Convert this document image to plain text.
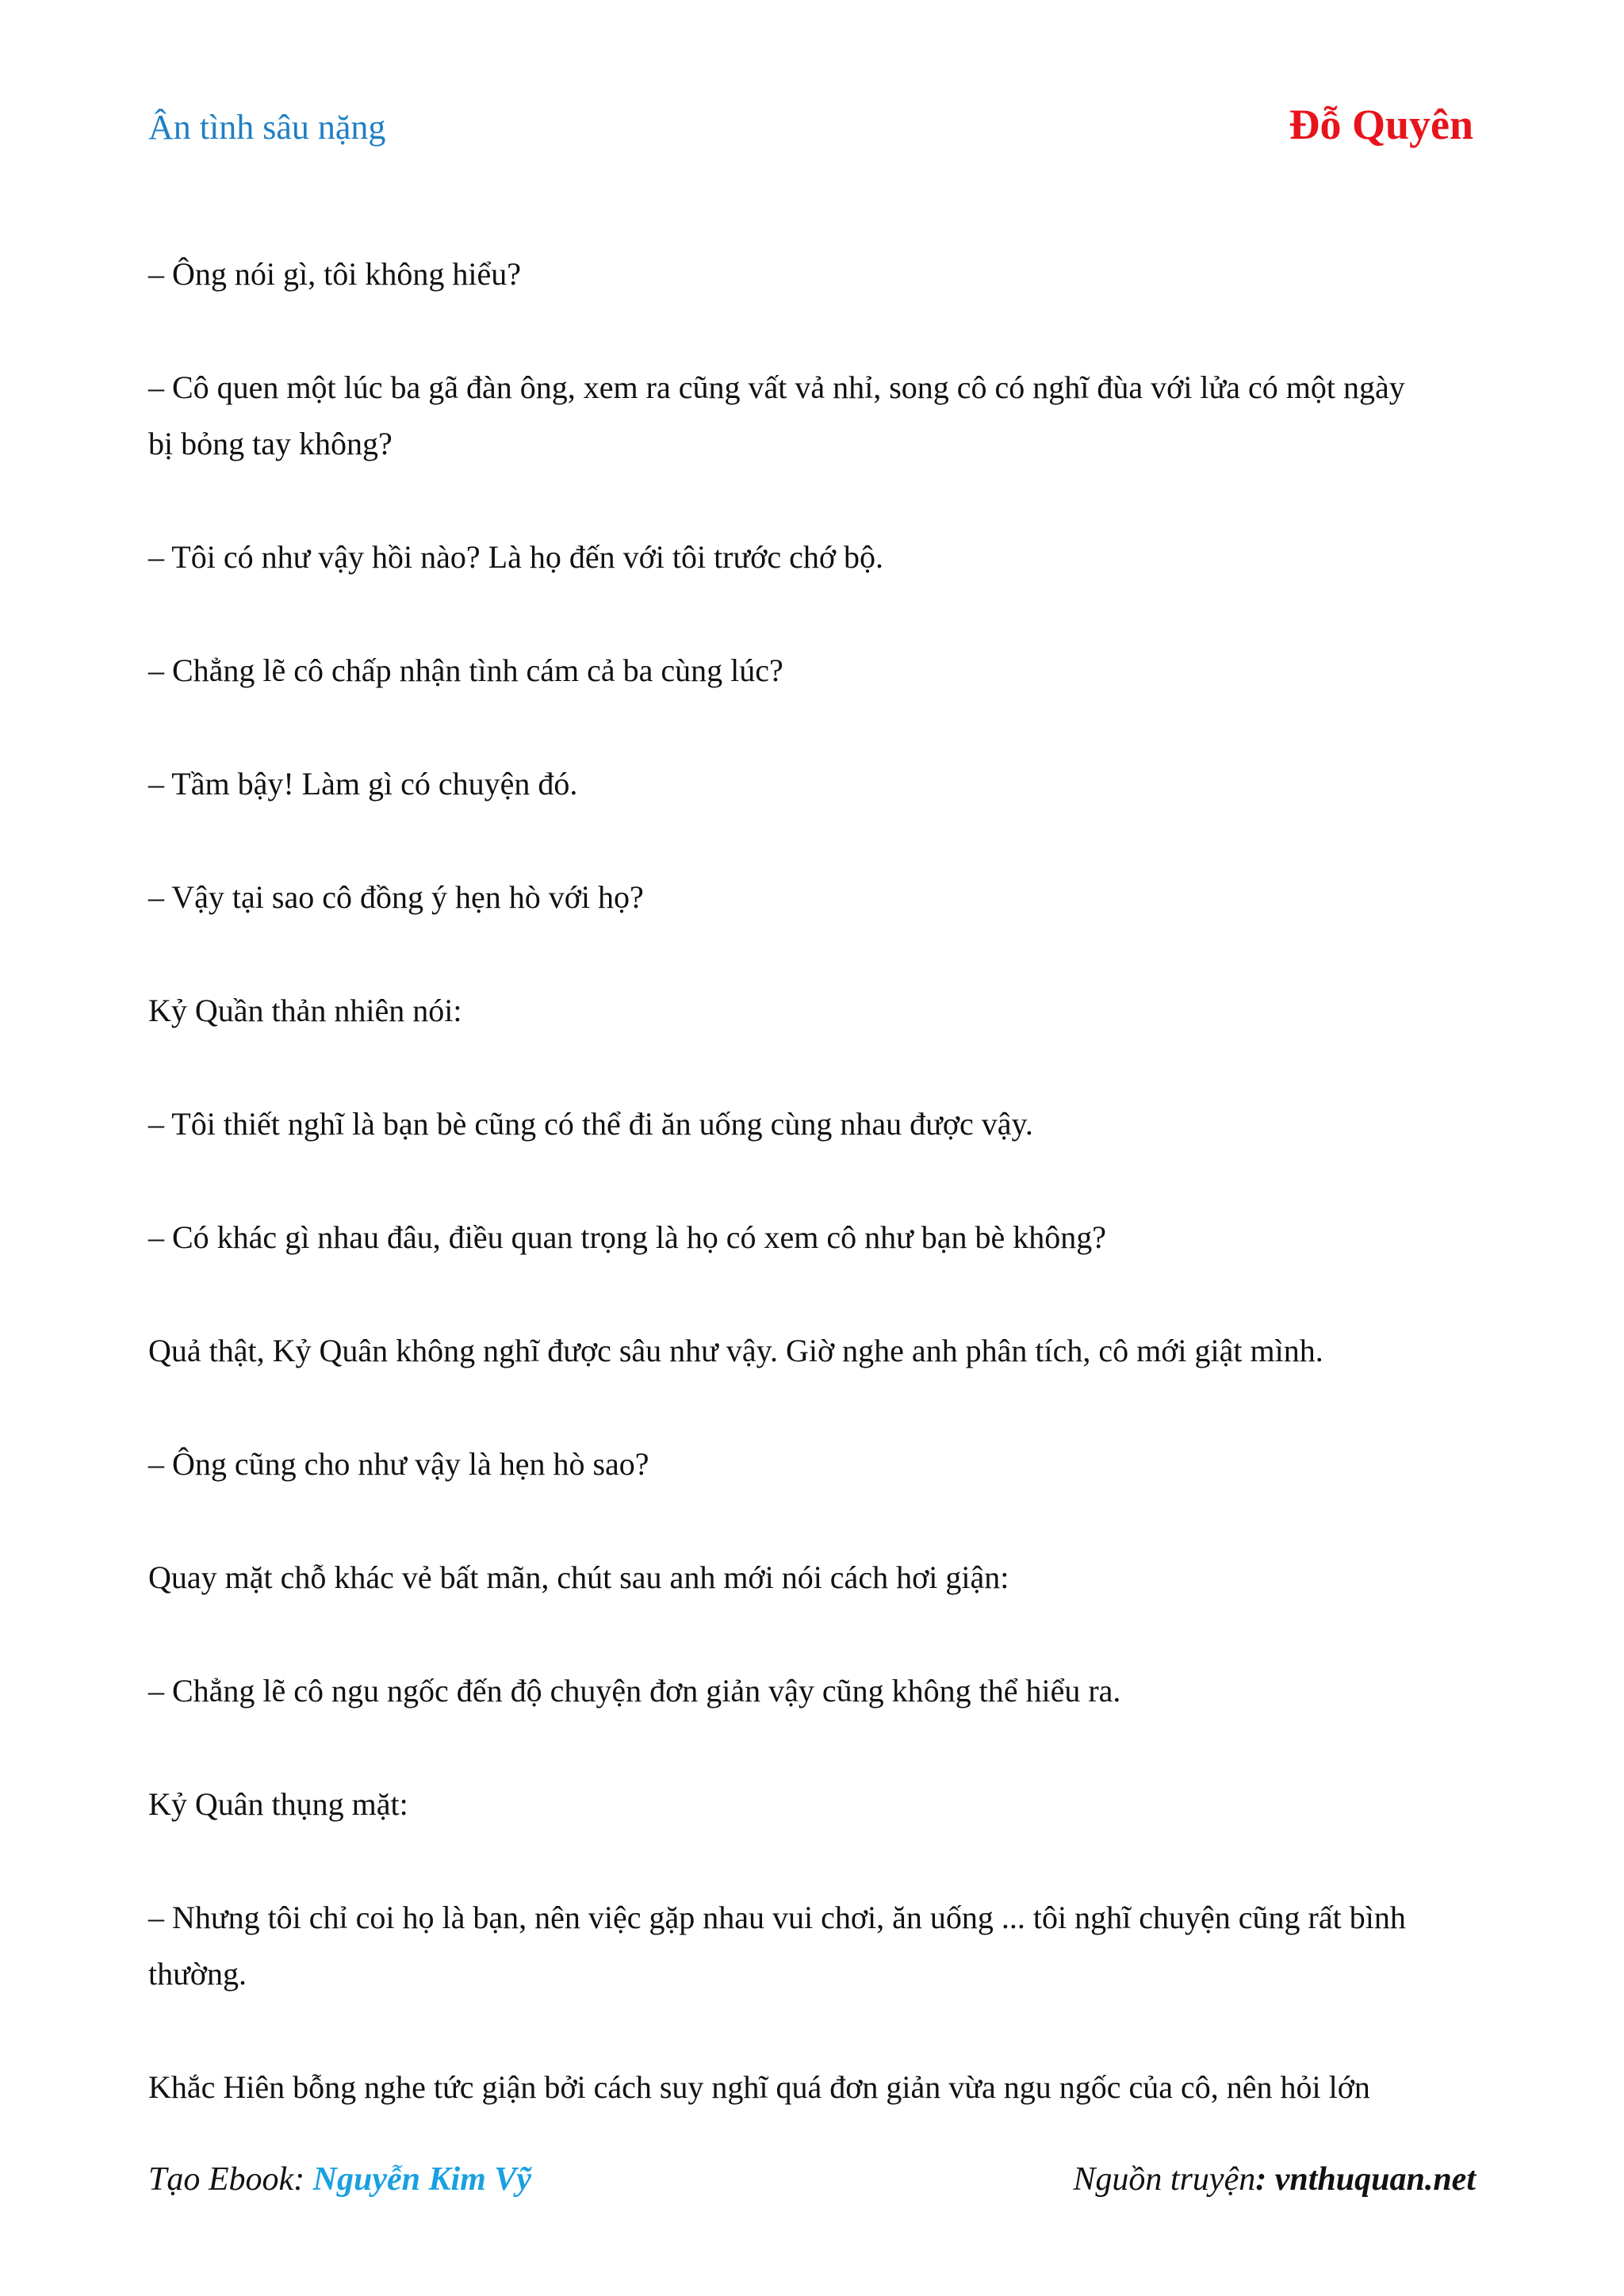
Ân tình sâu nặng	Đỗ Quyên

– Ông nói gì, tôi không hiểu?

– Cô quen một lúc ba gã đàn ông, xem ra cũng vất vả nhỉ, song cô có nghĩ đùa với lửa có một ngày
bị bỏng tay không?

– Tôi có như vậy hồi nào? Là họ đến với tôi trước chớ bộ.

– Chẳng lẽ cô chấp nhận tình cám cả ba cùng lúc?

– Tầm bậy! Làm gì có chuyện đó.

– Vậy tại sao cô đồng ý hẹn hò với họ?

Kỷ Quần thản nhiên nói:

– Tôi thiết nghĩ là bạn bè cũng có thể đi ăn uống cùng nhau được vậy.

– Có khác gì nhau đâu, điều quan trọng là họ có xem cô như bạn bè không?

Quả thật, Kỷ Quân không nghĩ được sâu như vậy. Giờ nghe anh phân tích, cô mới giật mình.

– Ông cũng cho như vậy là hẹn hò sao?

Quay mặt chỗ khác vẻ bất mãn, chút sau anh mới nói cách hơi giận:

– Chẳng lẽ cô ngu ngốc đến độ chuyện đơn giản vậy cũng không thể hiểu ra.

Kỷ Quân thụng mặt:

– Nhưng tôi chỉ coi họ là bạn, nên việc gặp nhau vui chơi, ăn uống ... tôi nghĩ chuyện cũng rất bình
thường.

Khắc Hiên bỗng nghe tức giận bởi cách suy nghĩ quá đơn giản vừa ngu ngốc của cô, nên hỏi lớn

Tạo Ebook: Nguyễn Kim Vỹ	Nguồn truyện: vnthuquan.net
